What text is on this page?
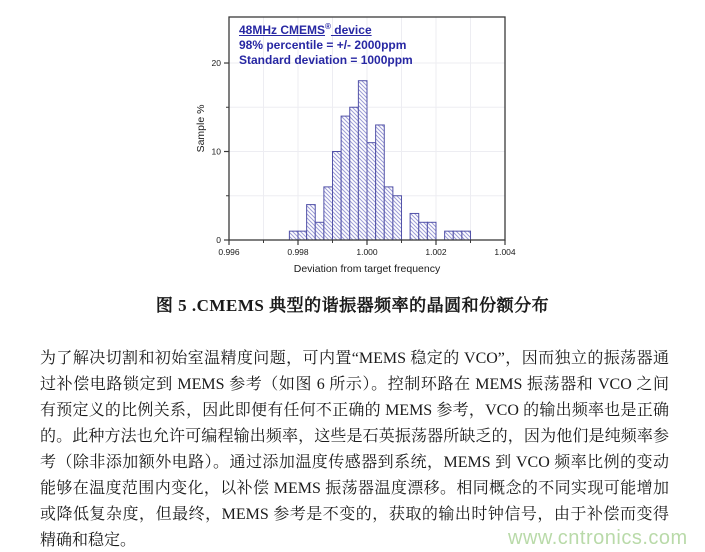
0.996	0.998	1.000	1.002	1.004
0
10
20
Deviation from target frequency
Sample %
48MHz CMEMS® device
98% percentile = +/- 2000ppm
Standard deviation = 1000ppm
图 5 .CMEMS 典型的谐振器频率的晶圆和份额分布
为了解决切割和初始室温精度问题，可内置“MEMS 稳定的 VCO”，因而独立的振荡器通
过补偿电路锁定到 MEMS 参考（如图 6 所示）。控制环路在 MEMS 振荡器和 VCO 之间
有预定义的比例关系，因此即便有任何不正确的 MEMS 参考，VCO 的输出频率也是正确
的。此种方法也允许可编程输出频率，这些是石英振荡器所缺乏的，因为他们是纯频率参
考（除非添加额外电路）。通过添加温度传感器到系统，MEMS 到 VCO 频率比例的变动
能够在温度范围内变化，以补偿 MEMS 振荡器温度漂移。相同概念的不同实现可能增加
或降低复杂度，但最终，MEMS 参考是不变的，获取的输出时钟信号，由于补偿而变得
精确和稳定。	www.cntronics.com
